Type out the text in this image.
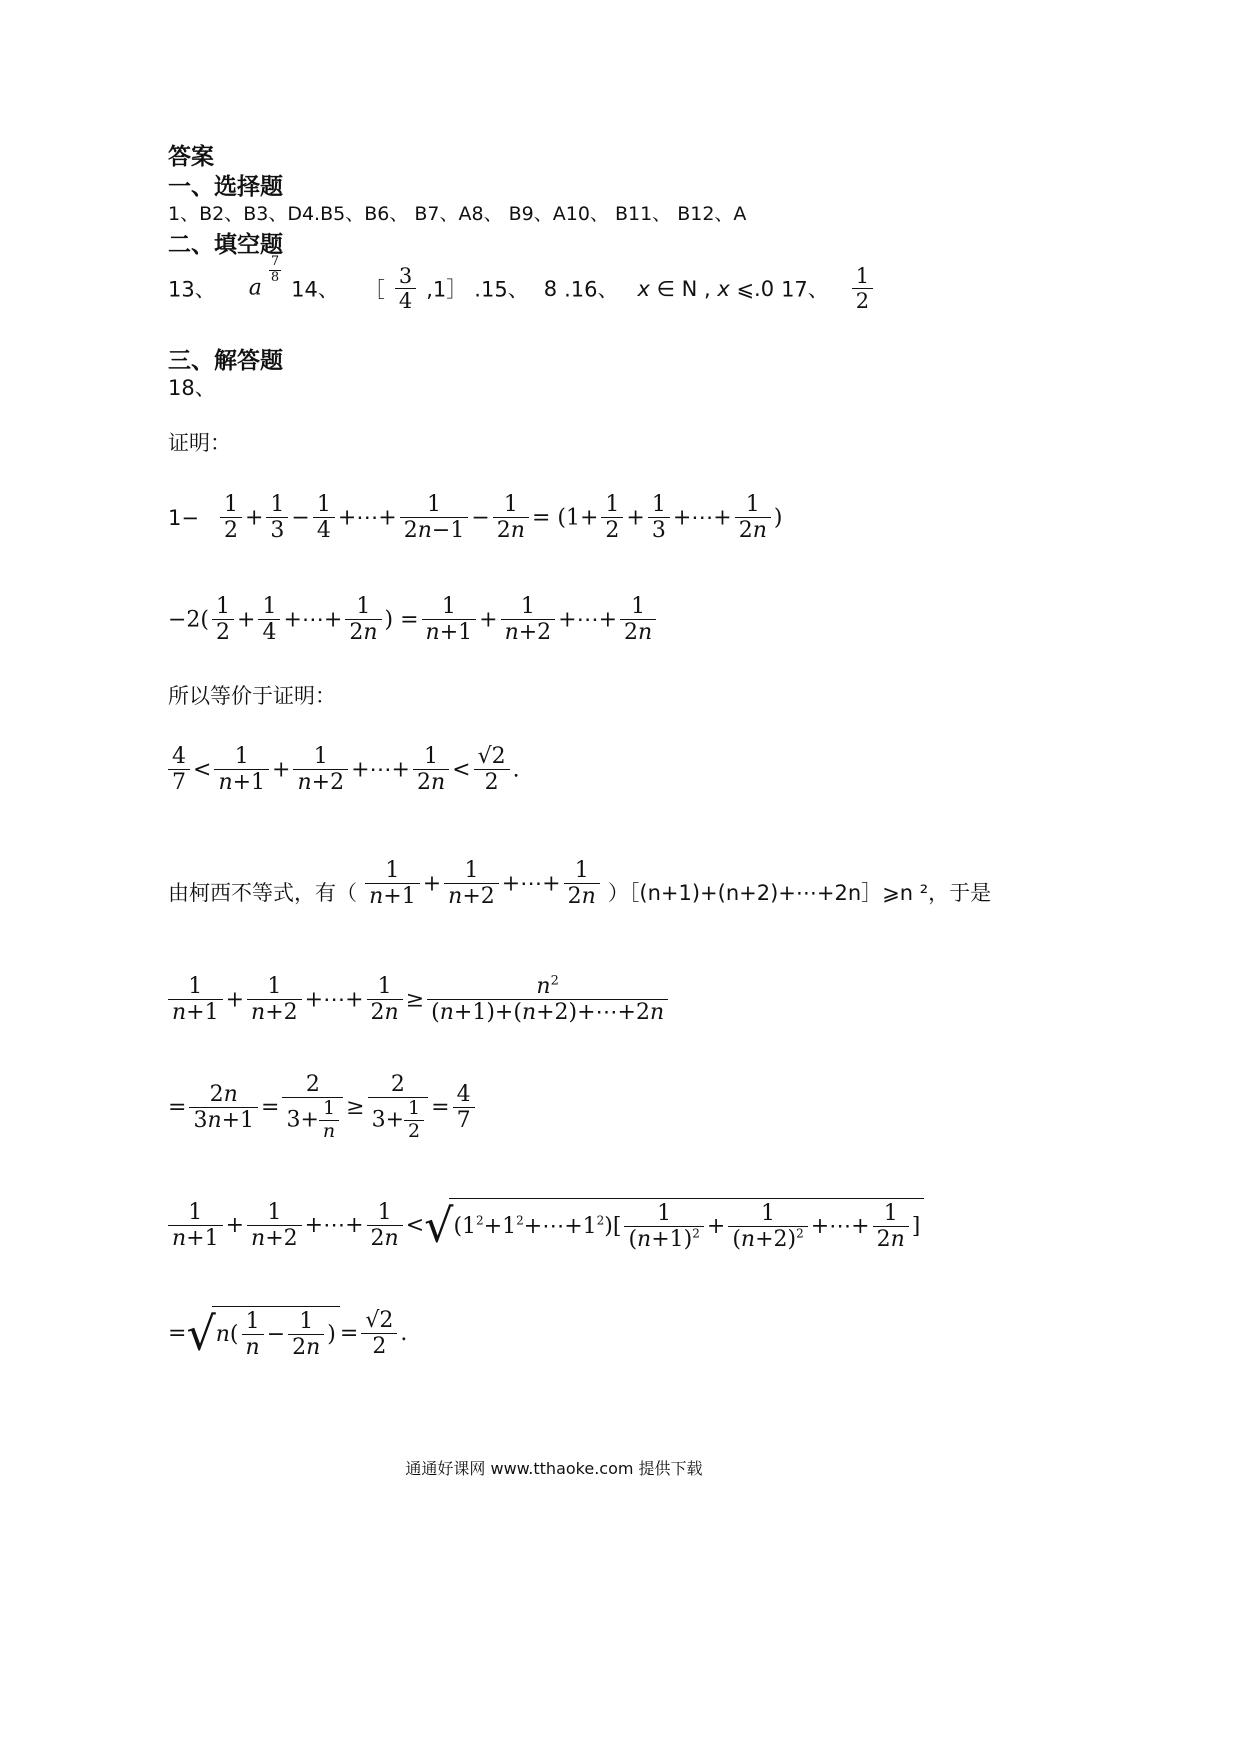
答案
一、选择题
1、B2、B3、D4.B5、B6、 B7、A8、 B9、A10、 B11、 B12、A
二、填空题
13、 a
$\frac{7}{8}$
14、 ［ $\frac{3}{4}$ ,1］ .15、 8 .16、 x ∈ N , x ⩽.0 17、 $\frac{1}{2}$
三、解答题
18、
证明：
$1- \frac{1}{2} + \frac{1}{3} - \frac{1}{4}$ +⋯+ $\frac{1}{2n-1} - \frac{1}{2n} = (1+ \frac{1}{2} + \frac{1}{3}$ +⋯+ $\frac{1}{2n}$ )
$-2( \frac{1}{2} + \frac{1}{4}$ +⋯+ $\frac{1}{2n}$ ) = $\frac{1}{n+1} + \frac{1}{n+2}$ +⋯+ $\frac{1}{2n}$
所以等价于证明：
$\frac{4}{7} < \frac{1}{n+1} + \frac{1}{n+2}$ +⋯+ $\frac{1}{2n} < \frac{√2}{2}$ .
由柯西不等式，有（ $\frac{1}{n+1} + \frac{1}{n+2}$ +⋯+ $\frac{1}{2n}$ ）［(n+1)+(n+2)+⋯+2n］⩾n ²，于是
$\frac{1}{n+1} + \frac{1}{n+2}$ +⋯+ $\frac{1}{2n} \ge \frac{n^2}{(n+1)+(n+2)+\cdots+2n}$
= $\frac{2n}{3n+1} = \frac{2}{3+ \frac{1}{n}} \ge \frac{2}{3+ \frac{1}{2}} = \frac{4}{7}$
$\frac{1}{n+1} + \frac{1}{n+2}$ +⋯+ $\frac{1}{2n}$ $<√(1^2+1^2+\cdots+1^2)[ \frac{1}{(n+1)^2} + \frac{1}{(n+2)^2}$ +⋯+ $\frac{1}{2n}$ ]
$=√n( \frac{1}{n} - \frac{1}{2n}$ ) = $\frac{√2}{2}$ .
通通好课网 www.tthaoke.com 提供下载
